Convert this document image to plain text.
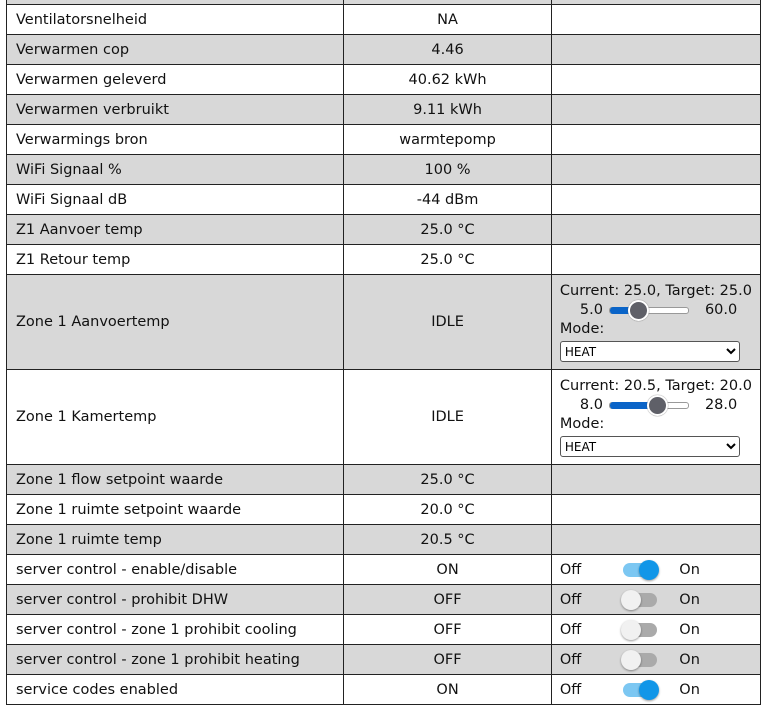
Ventilatorsnelheid	NA	
Verwarmen cop	4.46	
Verwarmen geleverd	40.62 kWh	
Verwarmen verbruikt	9.11 kWh	
Verwarmings bron	warmtepomp	
WiFi Signaal %	100 %	
WiFi Signaal dB	-44 dBm	
Z1 Aanvoer temp	25.0 °C	
Z1 Retour temp	25.0 °C	
Zone 1 Aanvoertemp	IDLE	Current: 25.0, Target: 25.0
5.0 60.0
Mode:
HEAT

Zone 1 Kamertemp	IDLE	Current: 20.5, Target: 20.0
8.0 28.0
Mode:
HEAT

Zone 1 flow setpoint waarde	25.0 °C	
Zone 1 ruimte setpoint waarde	20.0 °C	
Zone 1 ruimte temp	20.5 °C	
server control - enable/disable	ON	Off On

server control - prohibit DHW	OFF	Off On

server control - zone 1 prohibit cooling	OFF	Off On

server control - zone 1 prohibit heating	OFF	Off On

service codes enabled	ON	Off On
